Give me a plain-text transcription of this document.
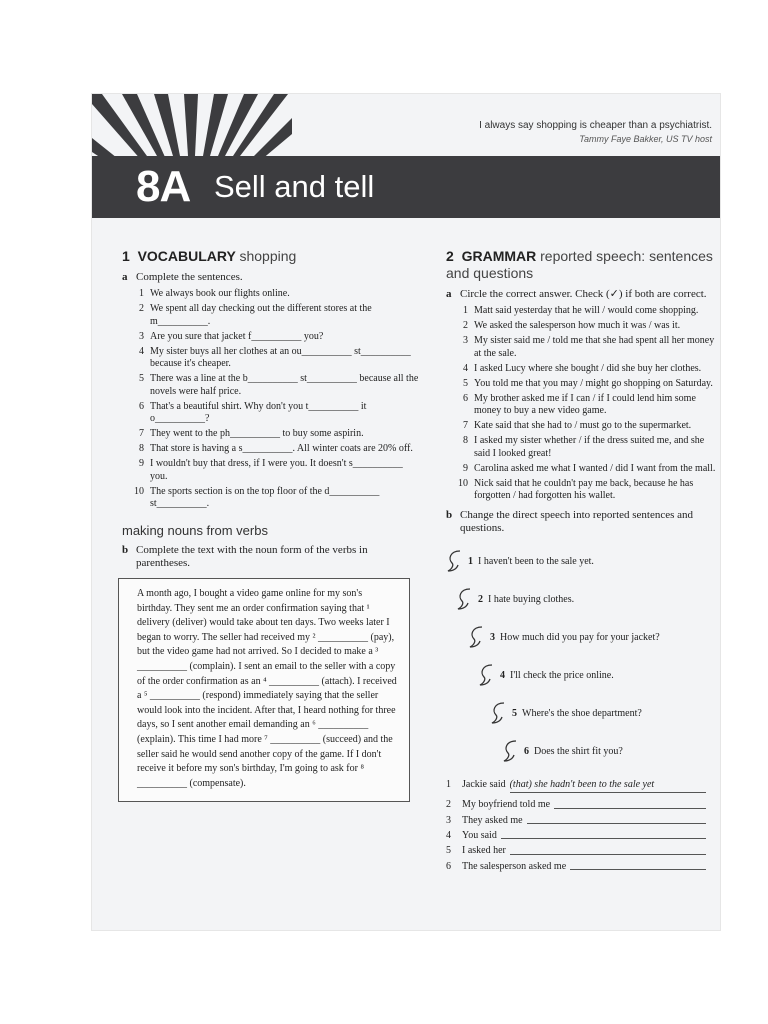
8A Sell and tell
I always say shopping is cheaper than a psychiatrist.
Tammy Faye Bakker, US TV host
1 VOCABULARY shopping
a Complete the sentences.
1 We always book our flights online.
2 We spent all day checking out the different stores at the m__________.
3 Are you sure that jacket f__________ you?
4 My sister buys all her clothes at an ou__________ st__________ because it's cheaper.
5 There was a line at the b__________ st__________ because all the novels were half price.
6 That's a beautiful shirt. Why don't you t__________ it o__________?
7 They went to the ph__________ to buy some aspirin.
8 That store is having a s__________. All winter coats are 20% off.
9 I wouldn't buy that dress, if I were you. It doesn't s__________ you.
10 The sports section is on the top floor of the d__________ st__________.
making nouns from verbs
b Complete the text with the noun form of the verbs in parentheses.

A month ago, I bought a video game online for my son's birthday. They sent me an order confirmation saying that ¹ delivery (deliver) would take about ten days. Two weeks later I began to worry. The seller had received my ² __________ (pay), but the video game had not arrived. So I decided to make a ³ __________ (complain). I sent an email to the seller with a copy of the order confirmation as an ⁴ __________ (attach). I received a ⁵ __________ (respond) immediately saying that the seller would look into the incident. After that, I heard nothing for three days, so I sent another email demanding an ⁶ __________ (explain). This time I had more ⁷ __________ (succeed) and the seller said he would send another copy of the game. If I don't receive it before my son's birthday, I'm going to ask for ⁸ __________ (compensate).

2 GRAMMAR reported speech: sentences and questions
a Circle the correct answer. Check (✓) if both are correct.
1 Matt said yesterday that he will / would come shopping.
2 We asked the salesperson how much it was / was it.
3 My sister said me / told me that she had spent all her money at the sale.
4 I asked Lucy where she bought / did she buy her clothes.
5 You told me that you may / might go shopping on Saturday.
6 My brother asked me if I can / if I could lend him some money to buy a new video game.
7 Kate said that she had to / must go to the supermarket.
8 I asked my sister whether / if the dress suited me, and she said I looked great!
9 Carolina asked me what I wanted / did I want from the mall.
10 Nick said that he couldn't pay me back, because he has forgotten / had forgotten his wallet.
b Change the direct speech into reported sentences and questions.
1 I haven't been to the sale yet.
2 I hate buying clothes.
3 How much did you pay for your jacket?
4 I'll check the price online.
5 Where's the shoe department?
6 Does the shirt fit you?
1	Jackie said (that) she hadn't been to the sale yet
2	My boyfriend told me
3	They asked me
4	You said
5	I asked her
6	The salesperson asked me
